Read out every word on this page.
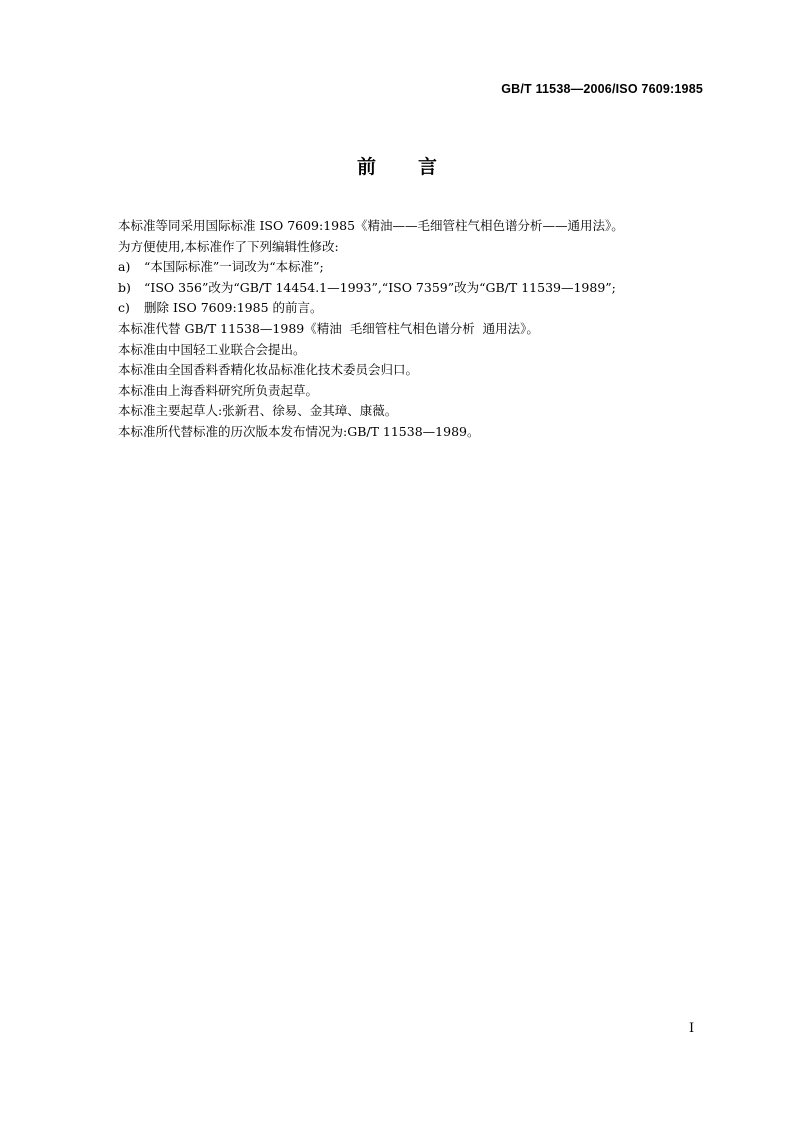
GB/T 11538—2006/ISO 7609:1985
前言
本标准等同采用国际标准 ISO 7609:1985《精油——毛细管柱气相色谱分析——通用法》。
为方便使用,本标准作了下列编辑性修改:
a) “本国际标准”一词改为“本标准”;
b) “ISO 356”改为“GB/T 14454.1—1993”,“ISO 7359”改为“GB/T 11539—1989”;
c) 删除 ISO 7609:1985 的前言。
本标准代替 GB/T 11538—1989《精油  毛细管柱气相色谱分析  通用法》。
本标准由中国轻工业联合会提出。
本标准由全国香料香精化妆品标准化技术委员会归口。
本标准由上海香料研究所负责起草。
本标准主要起草人:张新君、徐易、金其璋、康薇。
本标准所代替标准的历次版本发布情况为:GB/T 11538—1989。
I
